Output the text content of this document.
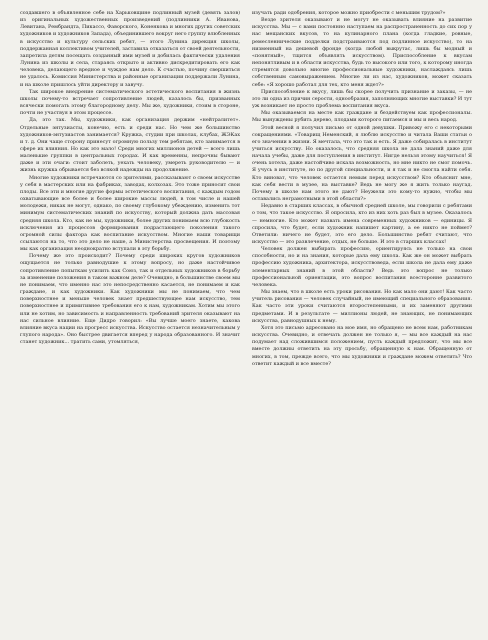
создавшего в объявленное себе на Харьковщине подлинный музей (девять залов) из оригинальных художественных произведений (подлинники А. Иванова, Левитана, Рембрандта, Пикассо, Фаворского, Коненкова и многих других советских художников и художников Запада), объединившего вокруг него группу влюбленных в искусство и культуру сельских ребят, — этого Лунина дирекция школы, поддержанная коллективом учителей, заставила отказаться от своей деятельности, запретила детям посещать созданный ими музей и добилась фактически удаления Лунина из школы и села, стараясь открыто и активно дискредитировать его как человека, делающего вредное и чуждое нам дело. К счастью, почину свершиться не удалось. Комиссия Министерства и районные организации поддержали Лунина, и на школе пришлось уйти директору и завучу.

Так широкое внедрение систематического эстетического воспитания в жизнь школы почему-то встречает сопротивление людей, казалось бы, призванных всячески помогать этому благородному делу. Мы же, художники, стоим в стороне, почти не участвуя в этом процессе.

Да, это так. Мы, художники, как организация держим «нейтралитет». Отдельные энтузиасты, конечно, есть и среди нас. Но чем же большинство художников-энтузиастов занимается? Кружка, студии при школах, клубах, ЖЭКах и т. д. Они чаще сторону принесут огромную пользу тем ребятам, кто занимается в сфере их влияния. Но как это мало! Среди многих миллионов детей — всего лишь маленькие группки в центральных городах. И как временны, непрочны бывают даже и эти очаги: стоит заболеть, уехать человеку, умереть руководителю — и жизнь кружка обрывается без всякой надежды на продолжение.

Многие художники встречаются со зрителями, рассказывают о своем искусстве у себя в мастерских или на фабриках, заводах, колхозах. Это тоже приносит свои плоды. Все эти и многие другие формы эстетического воспитания, с каждым годом охватывающие все более и более широкие массы людей, в том числе и нашей молодежи, никак не могут, однако, по своему глубокому убеждению, изменить тот минимум систематических знаний по искусству, который должна дать массовая средняя школа. Кто, как не мы, художники, более других понимаем всю глубокость исключения из процессов формирования подрастающего поколения такого огромной силы фактора как воспитание искусством. Многие наши товарищи ссылаются на то, что это дело не наше, а Министерства просвещения. И поэтому мы как организация неоднократно вступали в эту борьбу.

Почему же это происходит? Почему среди широких кругов художников ощущается не только равнодушие к этому вопросу, но даже настойчивое сопротивление попыткам усилить как Союз, так и отдельных художников в борьбу за изменение положения в таком важном деле? Очевидно, в большинстве своем мы не понимаем, что именно нас это непосредственно касается, не понимаем и как граждане, и как художники. Как художники мы не понимаем, что чем поверхностнее и меньше человек знает предшествующее нам искусство, тем поверхностнее и примитивнее требования его к нам, художникам. Хотим мы этого или не хотим, но зависимость и направленность требований зрителя оказывают на нас сильное влияние. Еще Дидро говорил: «Вы лучше моего знаете, какова влияние вкуса нации на прогресс искусства. Искусство остается незначительным у глупого народа». Оно быстрее двигается вперед у народа образованного. И значит станет художник... тратить сами, утомляться,

изучать ради одобрения, которое можно приобрести с меньшим трудом?»

Везде зрителя оказывают и не могут не оказывать влияние на развитие искусства. Мы — с вами постоянно наступаем на распространенность до сих пор у нас мещанских вкусов, то на кулинарного плана (когда гладкие, ровные, ремесленнические подделки подстраиваются под подлинное искусство), то на низменный на дешевой фронде (когда любой выкрутас, лишь бы модный и «понятный», тщится объявлять искусством). Приспособление к вкусам непонятливым и в области искусства, будь то высокого или того, к которому иногда стремятся довольно многие профессиональные художники, наслаждаясь лишь собственным самовыражением. Многие ли из нас, художников, может сказать себе: «Я хорошо работал для тех, кто меня ждет?»

Приспособление к вкусу, лишь бы скорее получить признание и заказы, — не это ли одна из причин серости, однообразия, заполняющих многие выставки? И тут уж возникает не просто проблема воспитания вкуса.

Мы оказываемся на месте как граждане и бездействуем как профессионалы. Мы вынуждены рубить дерево, плодами которого питаемся и мы и весь народ.

Этой весной я получил письмо от одной девушки. Привожу его с некоторыми сокращениями. «Товарищ Неменский, я люблю искусство и читала Ваши статьи о его значении в жизни. Я мечтала, что это так и есть. Я даже собиралась в институт учиться искусству. Но оказалось, что средняя школа не дала знаний даже для начала учебы, даже для поступления в институт. Нигде нельзя этому научиться! Я очень хотела, даже настойчиво искала возможность, но мне никто не смог помочь. Я учусь в институте, но по другой специальности, и я так и не смогла найти себя. Кто виноват, что человек остается немым перед искусством? Кто объяснит мне, как себя вести в музее, на выставке? Ведь не могу же я жить только наугад. Почему в школе нам этого не дают? Неужели это кому-то нужно, чтобы мы оставались неграмотными в этой области?»

Недавно в старших классах, в обычной средней школе, мы говорили с ребятами о том, что такое искусство. Я опросила, кто из них хоть раз был в музее. Оказалось — немногие. Кто может назвать имена современных художников — единицы. Я спросила, что будет, если художник напишет картину, а ее никто не поймет? Ответили: ничего не будет, это его дело. Большинство ребят считают, что искусство — это развлечение, отдых, не больше. И это в старших классах!

Человек должен выбирать профессию, ориентируясь не только на свои способности, но и на знания, которые дала ему школа. Как же он может выбрать профессию художника, архитектора, искусствоведа, если школа не дала ему даже элементарных знаний в этой области? Ведь это вопрос не только профессиональной ориентации, это вопрос воспитания всесторонне развитого человека.

Мы знаем, что в школе есть уроки рисования. Но как мало они дают! Как часто учитель рисования — человек случайный, не имеющий специального образования. Как часто эти уроки считаются второстепенными, и их заменяют другими предметами. И в результате — миллионы людей, не знающих, не понимающих искусства, равнодушных к нему.

Хотя это письмо адресовано на мое имя, но обращено не всем нам, работникам искусства. Очевидно, и отвечать должен не только я, — мы все каждый на нас подумает над сложившимся положением, пусть каждый предложит, что мы все вместе должны ответить на эту просьбу, обращенную к нам. Обращенную от многих, в том, прежде всего, что мы художники и граждане можем ответить? Что ответит каждый и все вместе?
